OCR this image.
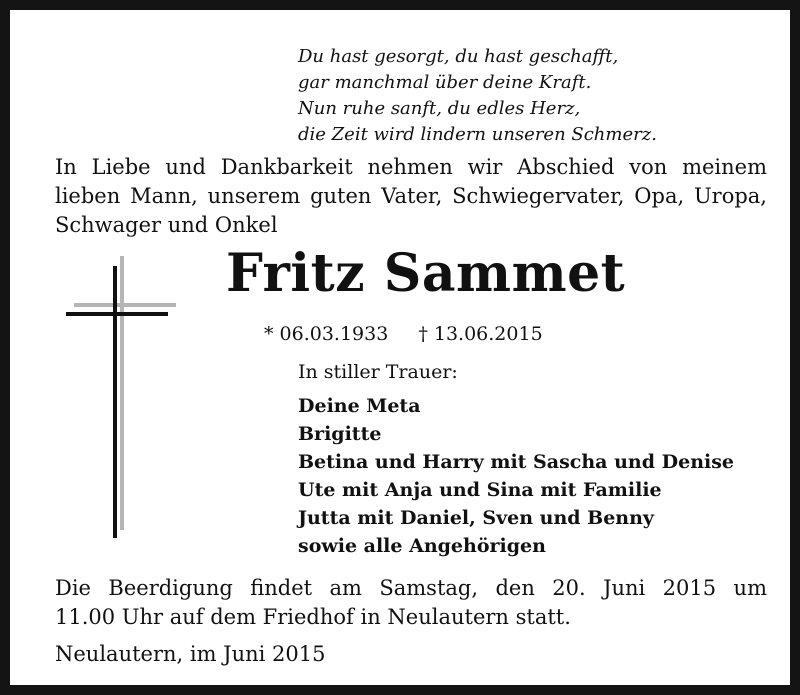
Du hast gesorgt, du hast geschafft,
gar manchmal über deine Kraft.
Nun ruhe sanft, du edles Herz,
die Zeit wird lindern unseren Schmerz.
In Liebe und Dankbarkeit nehmen wir Abschied von meinem
lieben Mann, unserem guten Vater, Schwiegervater, Opa, Uropa,
Schwager und Onkel
Fritz Sammet
* 06.03.1933 † 13.06.2015
In stiller Trauer:
Deine Meta
Brigitte
Betina und Harry mit Sascha und Denise
Ute mit Anja und Sina mit Familie
Jutta mit Daniel, Sven und Benny
sowie alle Angehörigen
Die Beerdigung findet am Samstag, den 20. Juni 2015 um
11.00 Uhr auf dem Friedhof in Neulautern statt.
Neulautern, im Juni 2015
